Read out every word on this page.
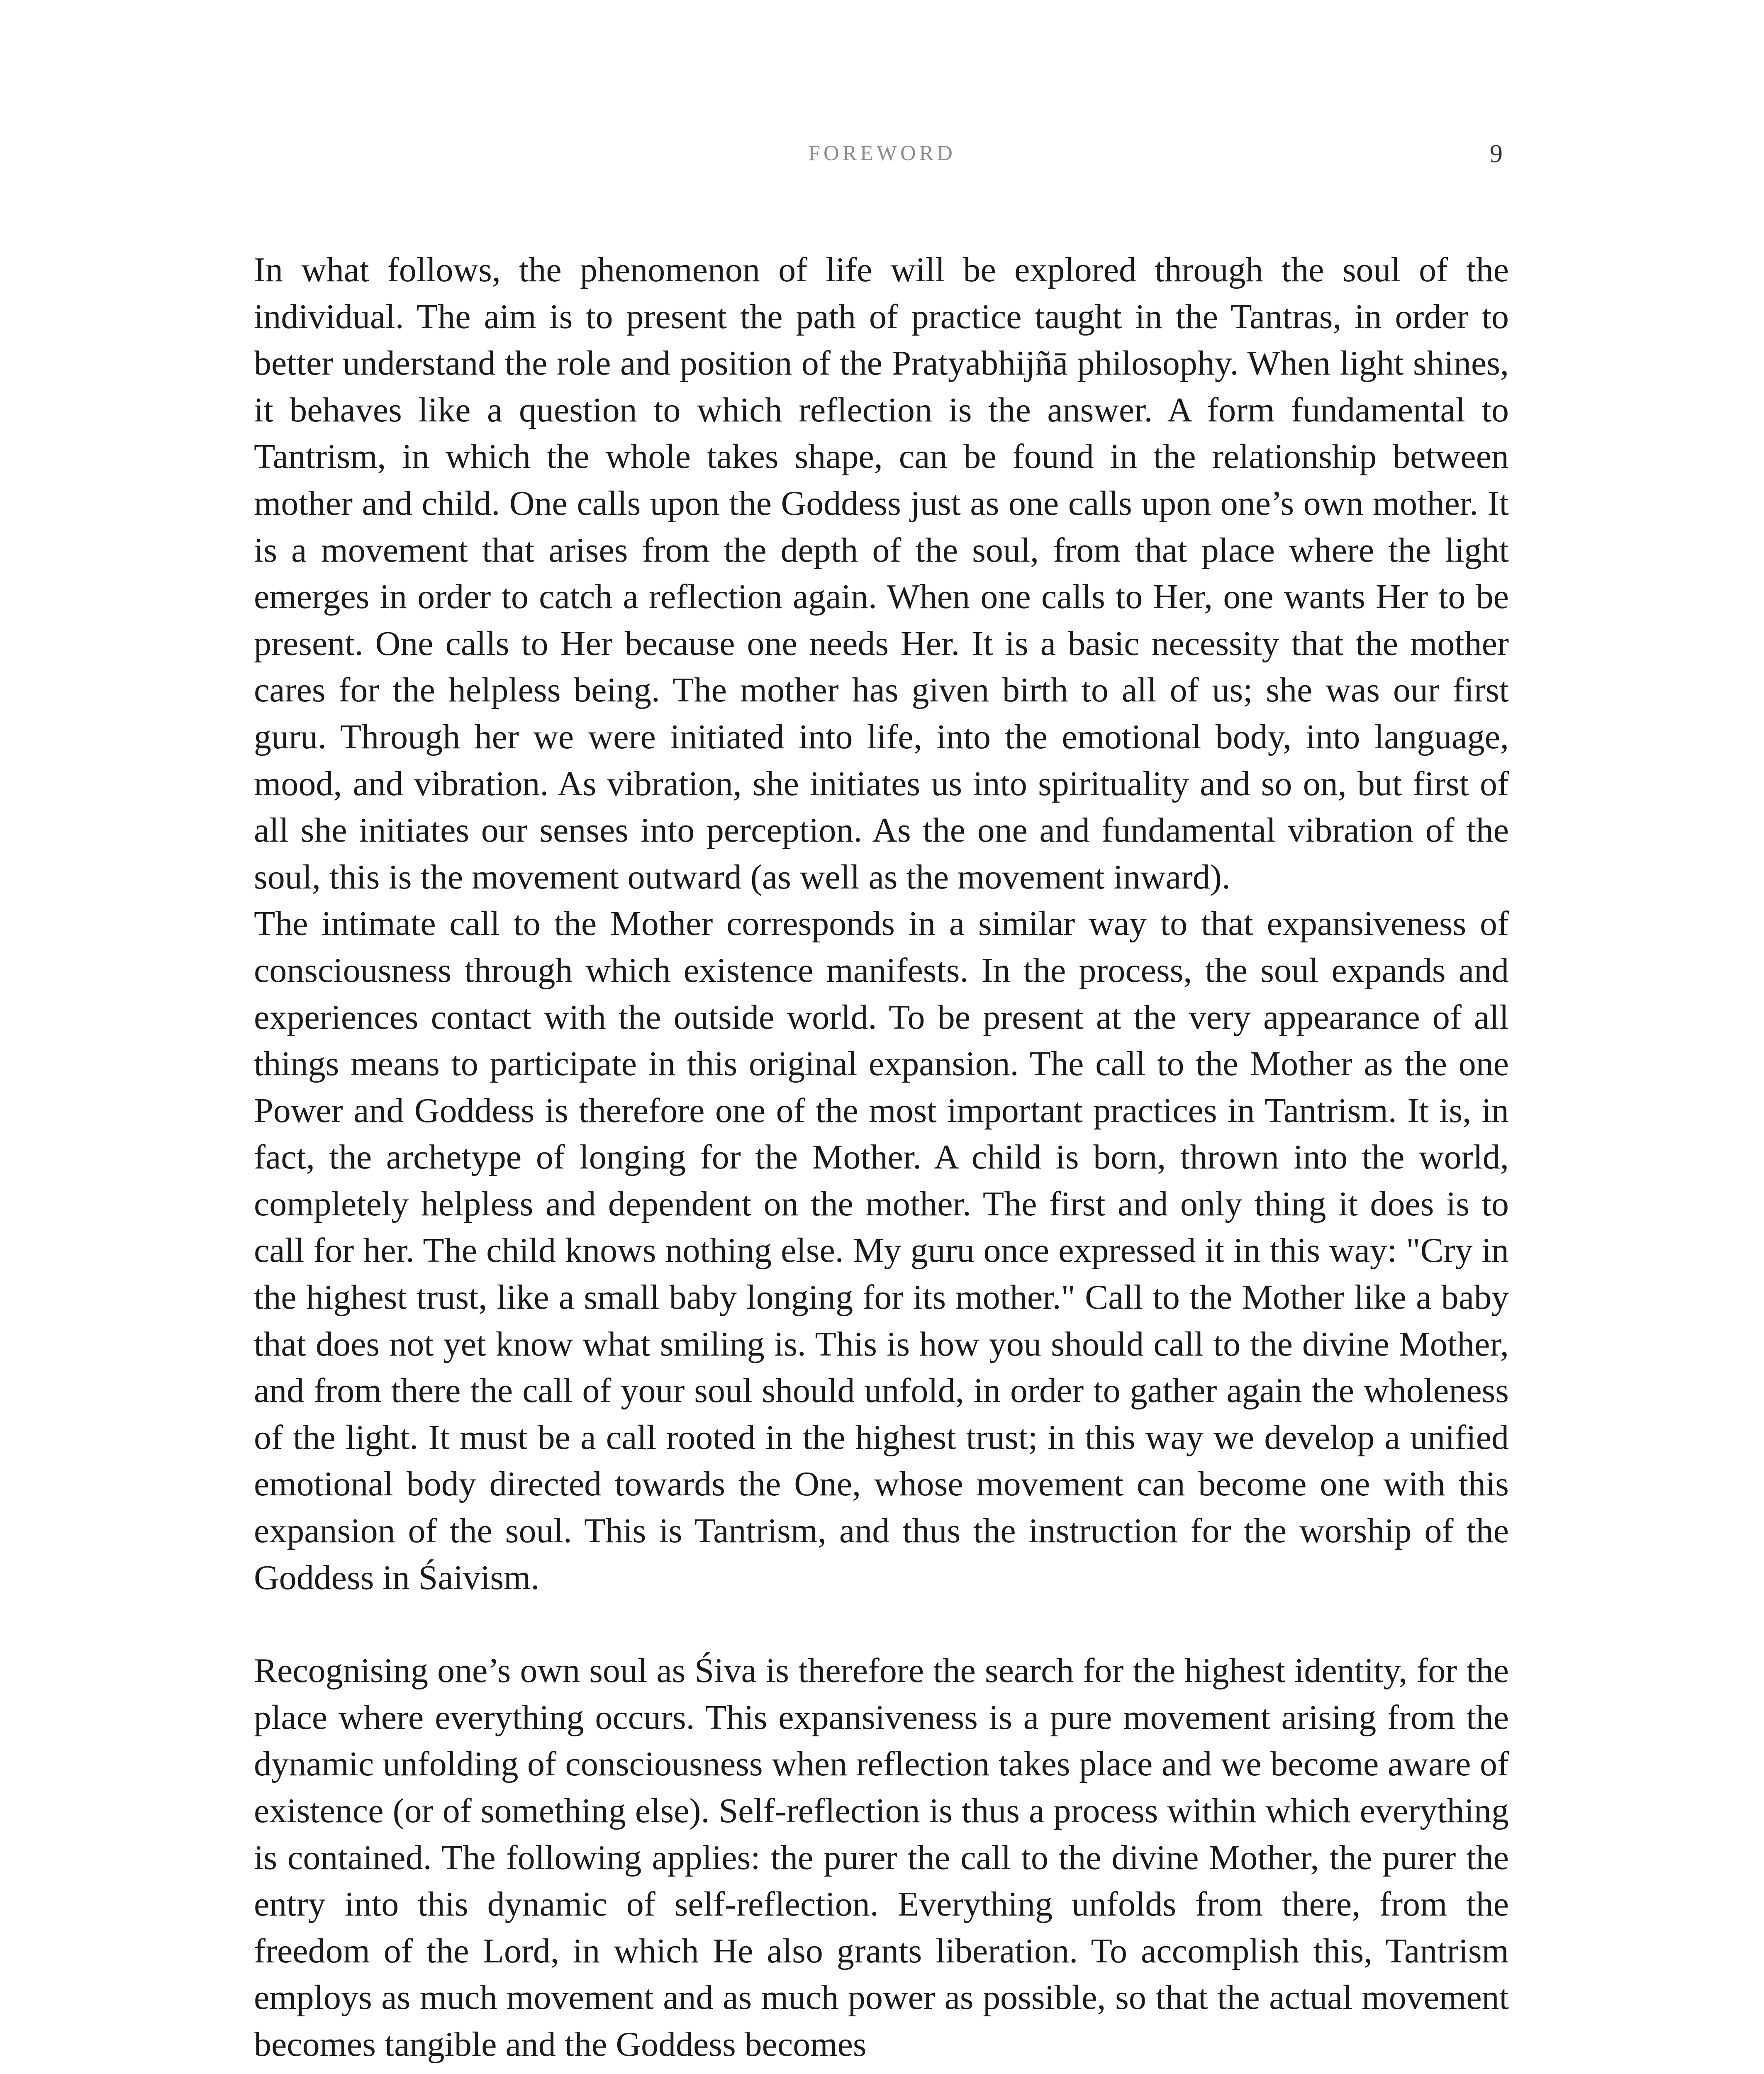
FOREWORD	9

In what follows, the phenomenon of life will be explored through the soul of the individual. The aim is to present the path of practice taught in the Tantras, in order to better understand the role and position of the Pratyabhijñā philosophy. When light shines, it behaves like a question to which reflection is the answer. A form fundamental to Tantrism, in which the whole takes shape, can be found in the relationship between mother and child. One calls upon the Goddess just as one calls upon one’s own mother. It is a movement that arises from the depth of the soul, from that place where the light emerges in order to catch a reflection again. When one calls to Her, one wants Her to be present. One calls to Her because one needs Her. It is a basic necessity that the mother cares for the helpless being. The mother has given birth to all of us; she was our first guru. Through her we were initiated into life, into the emotional body, into language, mood, and vibration. As vibration, she initiates us into spirituality and so on, but first of all she initiates our senses into perception. As the one and fundamental vibration of the soul, this is the movement outward (as well as the movement inward).

The intimate call to the Mother corresponds in a similar way to that expansiveness of consciousness through which existence manifests. In the process, the soul expands and experiences contact with the outside world. To be present at the very appearance of all things means to participate in this original expansion. The call to the Mother as the one Power and Goddess is therefore one of the most important practices in Tantrism. It is, in fact, the archetype of longing for the Mother. A child is born, thrown into the world, completely helpless and dependent on the mother. The first and only thing it does is to call for her. The child knows nothing else. My guru once expressed it in this way: "Cry in the highest trust, like a small baby longing for its mother." Call to the Mother like a baby that does not yet know what smiling is. This is how you should call to the divine Mother, and from there the call of your soul should unfold, in order to gather again the wholeness of the light. It must be a call rooted in the highest trust; in this way we develop a unified emotional body directed towards the One, whose movement can become one with this expansion of the soul. This is Tantrism, and thus the instruction for the worship of the Goddess in Śaivism.

Recognising one’s own soul as Śiva is therefore the search for the highest identity, for the place where everything occurs. This expansiveness is a pure movement arising from the dynamic unfolding of consciousness when reflection takes place and we become aware of existence (or of something else). Self-reflection is thus a process within which everything is contained. The following applies: the purer the call to the divine Mother, the purer the entry into this dynamic of self-reflection. Everything unfolds from there, from the freedom of the Lord, in which He also grants liberation. To accomplish this, Tantrism employs as much movement and as much power as possible, so that the actual movement becomes tangible and the Goddess becomes
